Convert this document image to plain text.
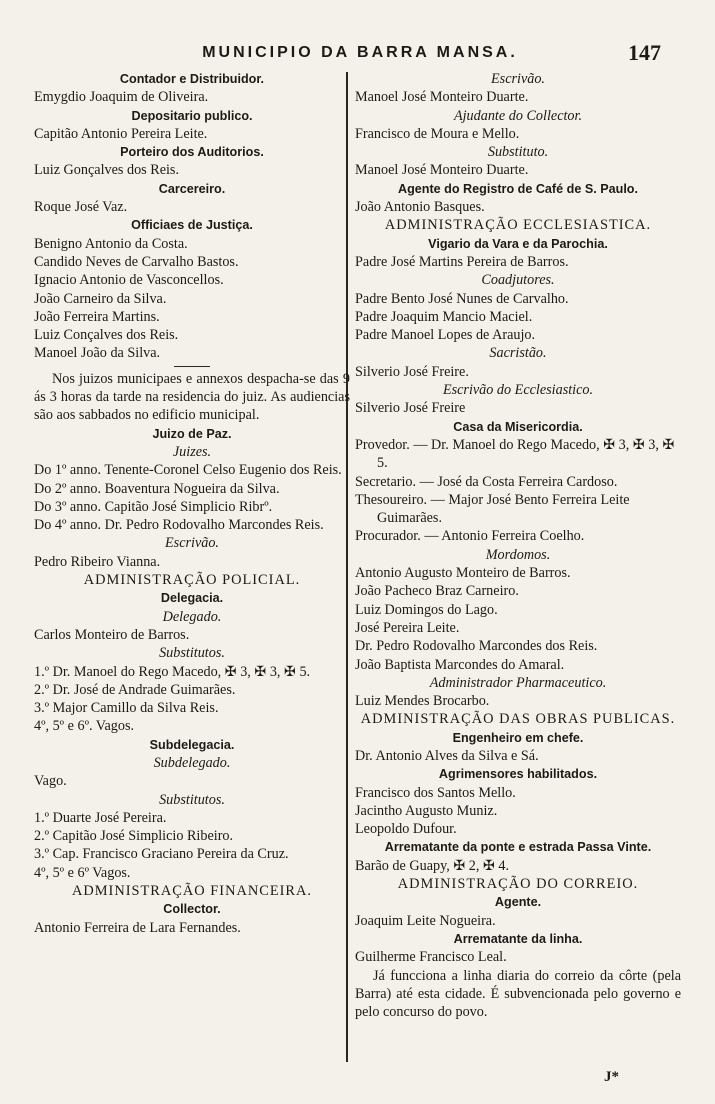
MUNICIPIO DA BARRA MANSA.	147
Contador e Distribuidor.
Emygdio Joaquim de Oliveira.
Depositario publico.
Capitão Antonio Pereira Leite.
Porteiro dos Auditorios.
Luiz Gonçalves dos Reis.
Carcereiro.
Roque José Vaz.
Officiaes de Justiça.
Benigno Antonio da Costa.
Candido Neves de Carvalho Bastos.
Ignacio Antonio de Vasconcellos.
João Carneiro da Silva.
João Ferreira Martins.
Luiz Conçalves dos Reis.
Manoel João da Silva.
Nos juizos municipaes e annexos despacha-se das 9 ás 3 horas da tarde na residencia do juiz. As audiencias são aos sabbados no edificio municipal.
Juizo de Paz.
Juizes.
Do 1º anno. Tenente-Coronel Celso Eugenio dos Reis.
Do 2º anno. Boaventura Nogueira da Silva.
Do 3º anno. Capitão José Simplicio Ribrº.
Do 4º anno. Dr. Pedro Rodovalho Marcondes Reis.
Escrivão.
Pedro Ribeiro Vianna.
ADMINISTRAÇÃO POLICIAL.
Delegacia.
Delegado.
Carlos Monteiro de Barros.
Substitutos.
1.º Dr. Manoel do Rego Macedo, ✠ 3, ✠ 3, ✠ 5.
2.º Dr. José de Andrade Guimarães.
3.º Major Camillo da Silva Reis.
4º, 5º e 6º. Vagos.
Subdelegacia.
Subdelegado.
Vago.
Substitutos.
1.º Duarte José Pereira.
2.º Capitão José Simplicio Ribeiro.
3.º Cap. Francisco Graciano Pereira da Cruz.
4º, 5º e 6º Vagos.
ADMINISTRAÇÃO FINANCEIRA.
Collector.
Antonio Ferreira de Lara Fernandes.
Escrivão.
Manoel José Monteiro Duarte.
Ajudante do Collector.
Francisco de Moura e Mello.
Substituto.
Manoel José Monteiro Duarte.
Agente do Registro de Café de S. Paulo.
João Antonio Basques.
ADMINISTRAÇÃO ECCLESIASTICA.
Vigario da Vara e da Parochia.
Padre José Martins Pereira de Barros.
Coadjutores.
Padre Bento José Nunes de Carvalho.
Padre Joaquim Mancio Maciel.
Padre Manoel Lopes de Araujo.
Sacristão.
Silverio José Freire.
Escrivão do Ecclesiastico.
Silverio José Freire
Casa da Misericordia.
Provedor. — Dr. Manoel do Rego Macedo, ✠ 3, ✠ 3, ✠ 5.
Secretario. — José da Costa Ferreira Cardoso.
Thesoureiro. — Major José Bento Ferreira Leite Guimarães.
Procurador. — Antonio Ferreira Coelho.
Mordomos.
Antonio Augusto Monteiro de Barros.
João Pacheco Braz Carneiro.
Luiz Domingos do Lago.
José Pereira Leite.
Dr. Pedro Rodovalho Marcondes dos Reis.
João Baptista Marcondes do Amaral.
Administrador Pharmaceutico.
Luiz Mendes Brocarbo.
ADMINISTRAÇÃO DAS OBRAS PUBLICAS.
Engenheiro em chefe.
Dr. Antonio Alves da Silva e Sá.
Agrimensores habilitados.
Francisco dos Santos Mello.
Jacintho Augusto Muniz.
Leopoldo Dufour.
Arrematante da ponte e estrada Passa Vinte.
Barão de Guapy, ✠ 2, ✠ 4.
ADMINISTRAÇÃO DO CORREIO.
Agente.
Joaquim Leite Nogueira.
Arrematante da linha.
Guilherme Francisco Leal.
Já funcciona a linha diaria do correio da côrte (pela Barra) até esta cidade. É subvencionada pelo governo e pelo concurso do povo.
J*
